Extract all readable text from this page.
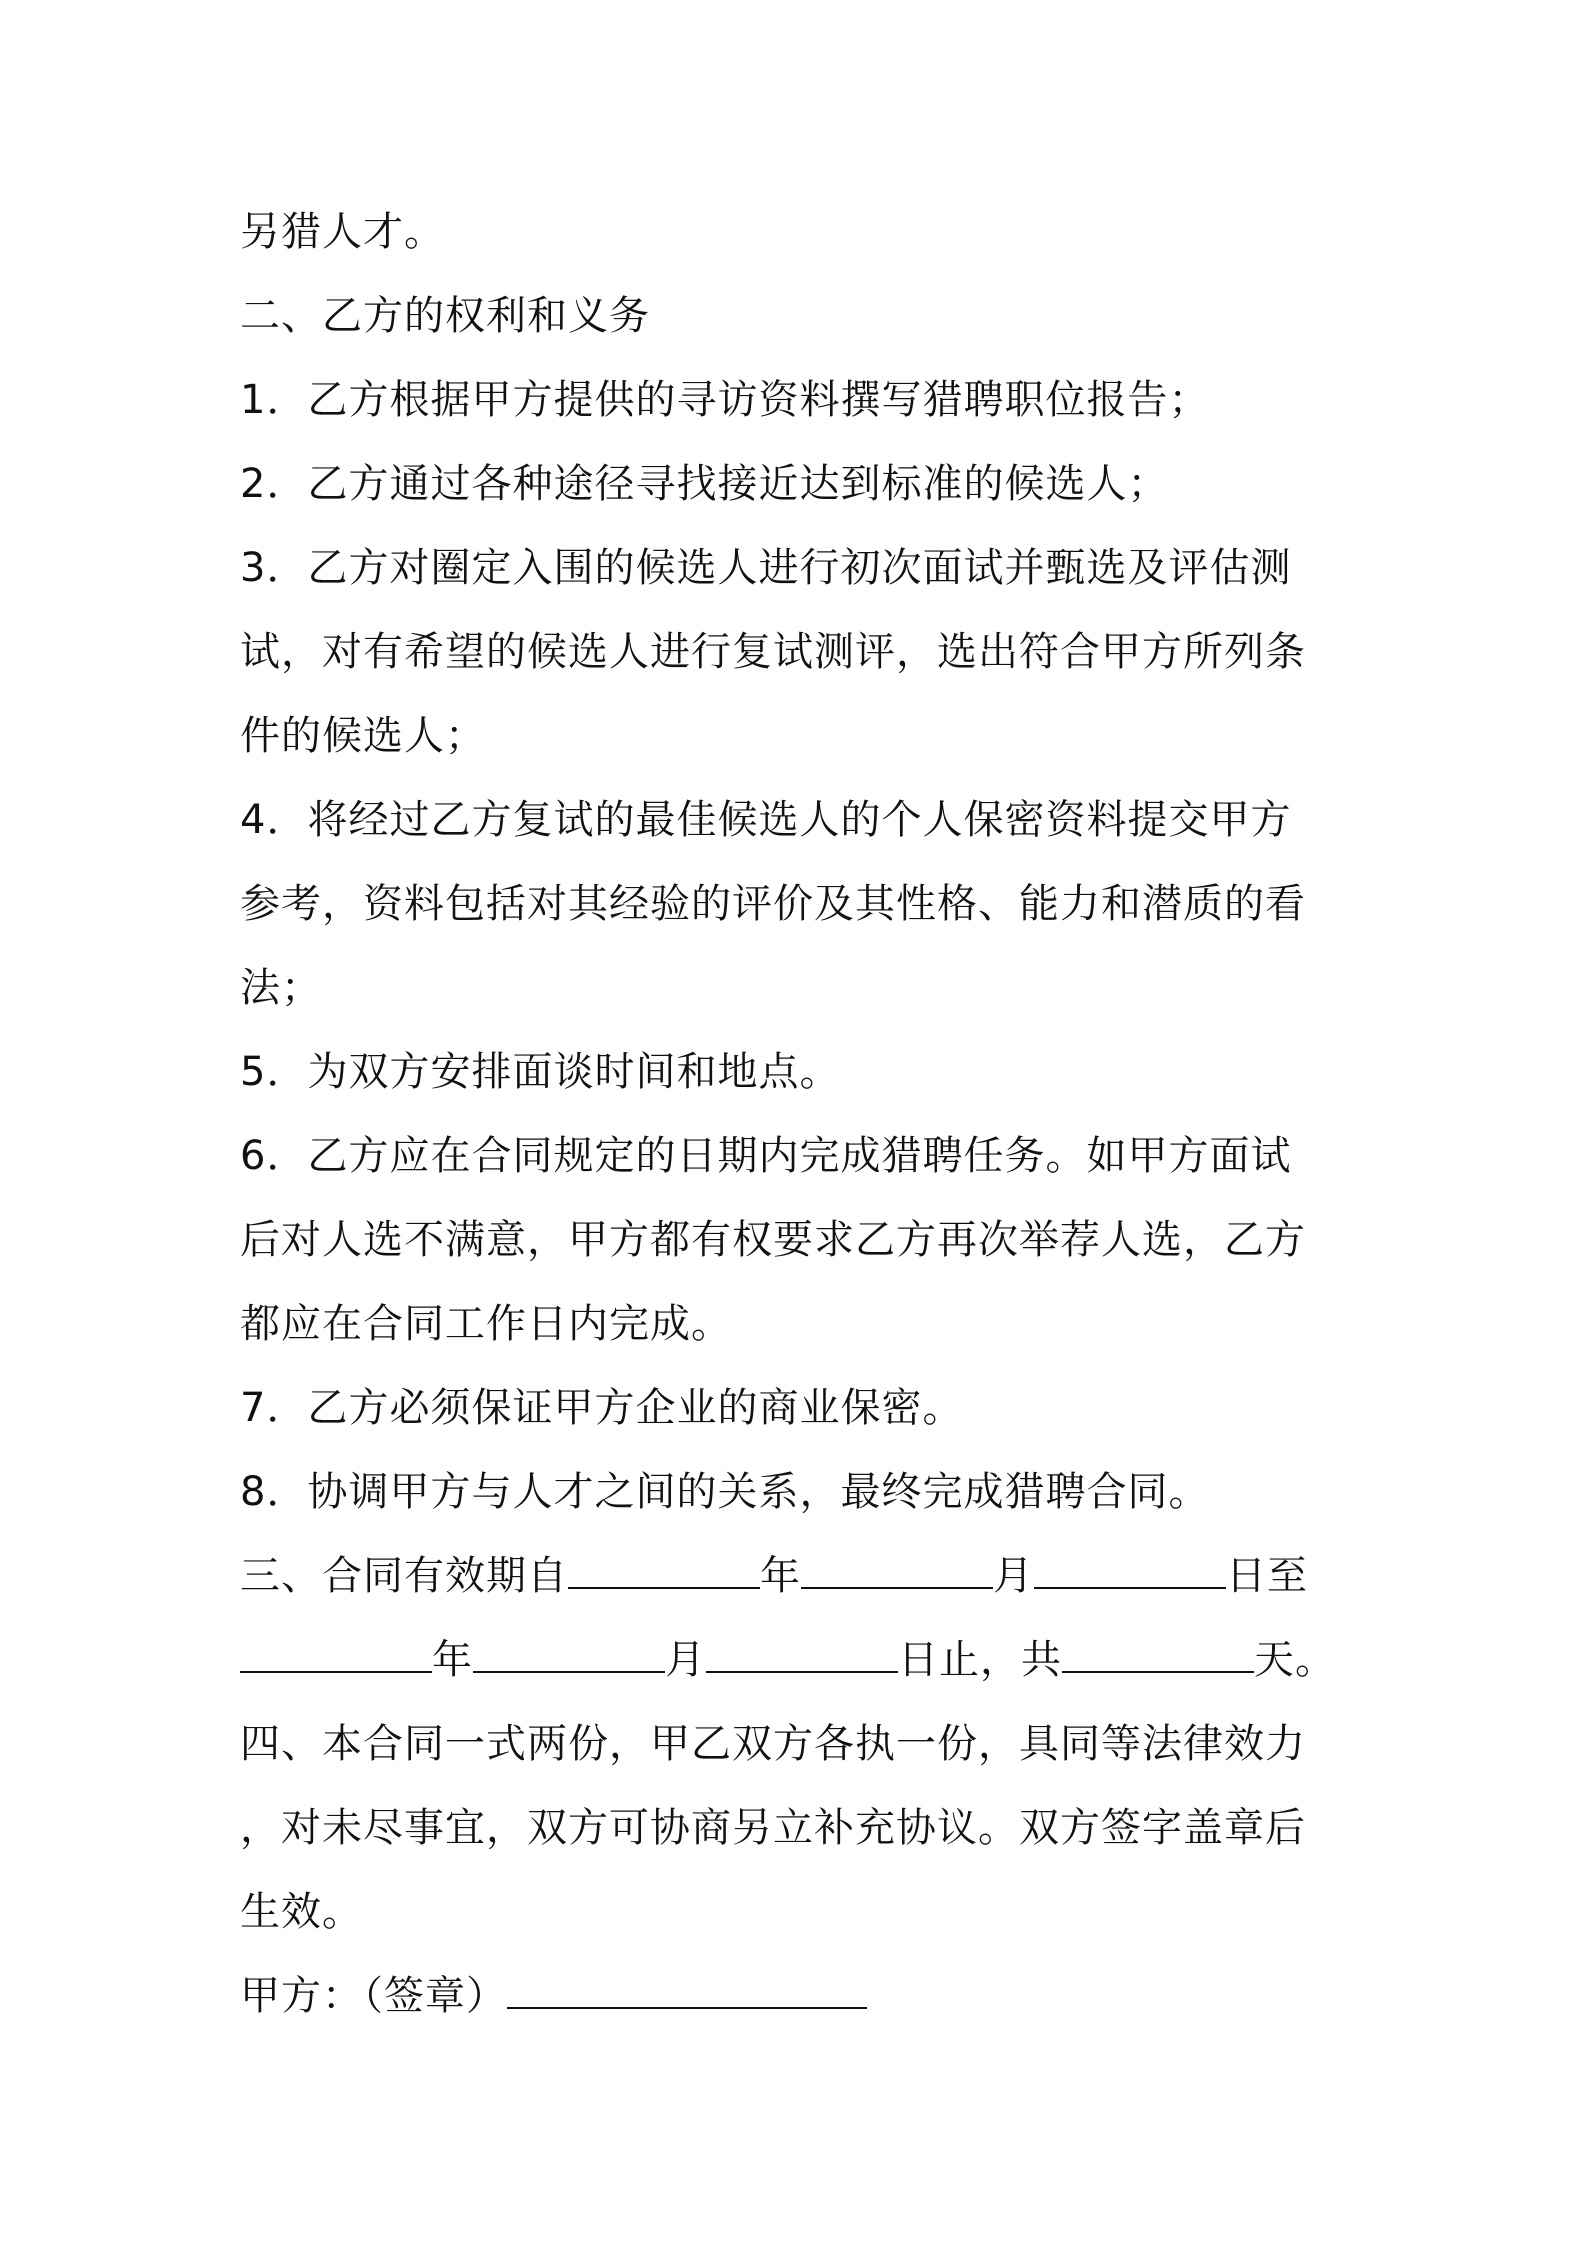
另猎人才。
二、乙方的权利和义务
1．乙方根据甲方提供的寻访资料撰写猎聘职位报告；
2．乙方通过各种途径寻找接近达到标准的候选人；
3．乙方对圈定入围的候选人进行初次面试并甄选及评估测
试，对有希望的候选人进行复试测评，选出符合甲方所列条
件的候选人；
4．将经过乙方复试的最佳候选人的个人保密资料提交甲方
参考，资料包括对其经验的评价及其性格、能力和潜质的看
法；
5．为双方安排面谈时间和地点。
6．乙方应在合同规定的日期内完成猎聘任务。如甲方面试
后对人选不满意，甲方都有权要求乙方再次举荐人选，乙方
都应在合同工作日内完成。
7．乙方必须保证甲方企业的商业保密。
8．协调甲方与人才之间的关系，最终完成猎聘合同。
三、合同有效期自	年	月	日至
年	月	日止，共	天。
四、本合同一式两份，甲乙双方各执一份，具同等法律效力
，对未尽事宜，双方可协商另立补充协议。双方签字盖章后
生效。
甲方：（签章）
